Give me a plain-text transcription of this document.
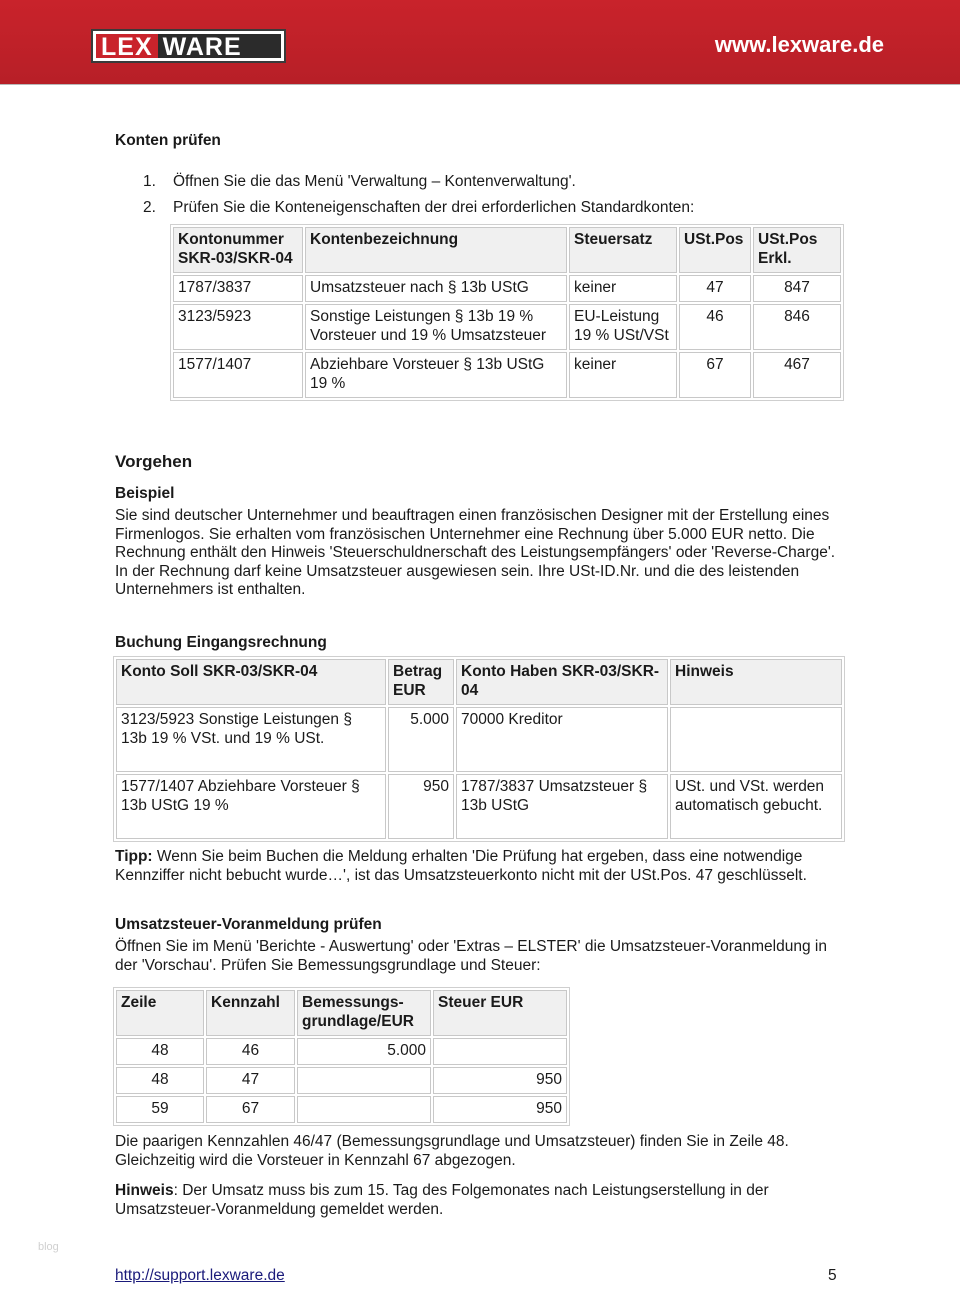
LEX WARE	www.lexware.de
Konten prüfen
1. Öffnen Sie die das Menü 'Verwaltung – Kontenverwaltung'.
2. Prüfen Sie die Konteneigenschaften der drei erforderlichen Standardkonten:
Kontonummer SKR-03/SKR-04	Kontenbezeichnung	Steuersatz	USt.Pos	USt.Pos Erkl.
1787/3837	Umsatzsteuer nach § 13b UStG	keiner	47	847
3123/5923	Sonstige Leistungen § 13b 19 % Vorsteuer und 19 % Umsatzsteuer	EU-Leistung 19 % USt/VSt	46	846
1577/1407	Abziehbare Vorsteuer § 13b UStG 19 %	keiner	67	467
Vorgehen
Beispiel
Sie sind deutscher Unternehmer und beauftragen einen französischen Designer mit der Erstellung eines Firmenlogos. Sie erhalten vom französischen Unternehmer eine Rechnung über 5.000 EUR netto. Die Rechnung enthält den Hinweis 'Steuerschuldnerschaft des Leistungsempfängers' oder 'Reverse-Charge'. In der Rechnung darf keine Umsatzsteuer ausgewiesen sein. Ihre USt-ID.Nr. und die des leistenden Unternehmers ist enthalten.
Buchung Eingangsrechnung
Konto Soll SKR-03/SKR-04	Betrag EUR	Konto Haben SKR-03/SKR-04	Hinweis
3123/5923 Sonstige Leistungen § 13b 19 % VSt. und 19 % USt.	5.000	70000 Kreditor	
1577/1407 Abziehbare Vorsteuer § 13b UStG 19 %	950	1787/3837 Umsatzsteuer § 13b UStG	USt. und VSt. werden automatisch gebucht.
Tipp: Wenn Sie beim Buchen die Meldung erhalten 'Die Prüfung hat ergeben, dass eine notwendige Kennziffer nicht bebucht wurde…', ist das Umsatzsteuerkonto nicht mit der USt.Pos. 47 geschlüsselt.
Umsatzsteuer-Voranmeldung prüfen
Öffnen Sie im Menü 'Berichte - Auswertung' oder 'Extras – ELSTER' die Umsatzsteuer-Voranmeldung in der 'Vorschau'. Prüfen Sie Bemessungsgrundlage und Steuer:
Zeile	Kennzahl	Bemessungs-grundlage/EUR	Steuer EUR
48	46	5.000	
48	47		950
59	67		950
Die paarigen Kennzahlen 46/47 (Bemessungsgrundlage und Umsatzsteuer) finden Sie in Zeile 48. Gleichzeitig wird die Vorsteuer in Kennzahl 67 abgezogen.
Hinweis: Der Umsatz muss bis zum 15. Tag des Folgemonates nach Leistungserstellung in der Umsatzsteuer-Voranmeldung gemeldet werden.
blog
http://support.lexware.de	5
